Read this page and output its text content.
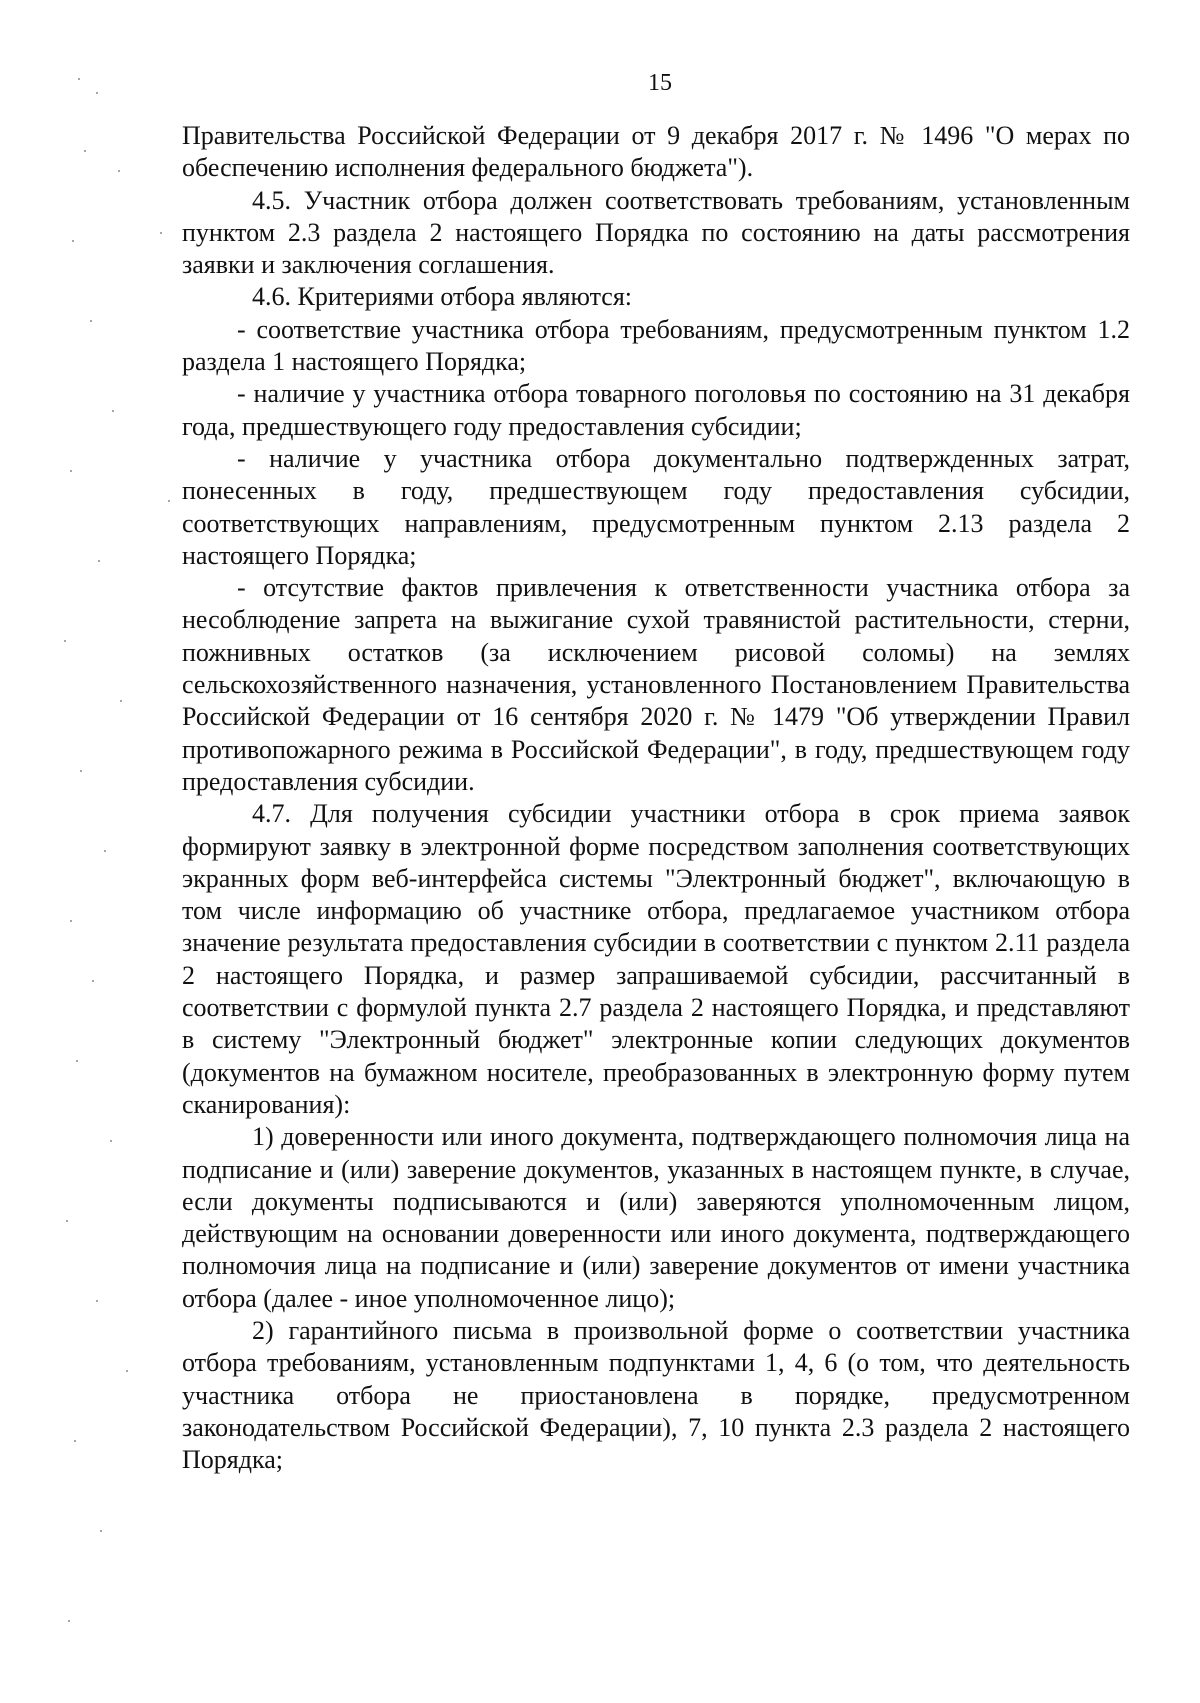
15

Правительства Российской Федерации от 9 декабря 2017 г. № 1496 "О мерах по обеспечению исполнения федерального бюджета").

4.5. Участник отбора должен соответствовать требованиям, установленным пунктом 2.3 раздела 2 настоящего Порядка по состоянию на даты рассмотрения заявки и заключения соглашения.

4.6. Критериями отбора являются:

- соответствие участника отбора требованиям, предусмотренным пунктом 1.2 раздела 1 настоящего Порядка;

- наличие у участника отбора товарного поголовья по состоянию на 31 декабря года, предшествующего году предоставления субсидии;

- наличие у участника отбора документально подтвержденных затрат, понесенных в году, предшествующем году предоставления субсидии, соответствующих направлениям, предусмотренным пунктом 2.13 раздела 2 настоящего Порядка;

- отсутствие фактов привлечения к ответственности участника отбора за несоблюдение запрета на выжигание сухой травянистой растительности, стерни, пожнивных остатков (за исключением рисовой соломы) на землях сельскохозяйственного назначения, установленного Постановлением Правительства Российской Федерации от 16 сентября 2020 г. № 1479 "Об утверждении Правил противопожарного режима в Российской Федерации", в году, предшествующем году предоставления субсидии.

4.7. Для получения субсидии участники отбора в срок приема заявок формируют заявку в электронной форме посредством заполнения соответствующих экранных форм веб-интерфейса системы "Электронный бюджет", включающую в том числе информацию об участнике отбора, предлагаемое участником отбора значение результата предоставления субсидии в соответствии с пунктом 2.11 раздела 2 настоящего Порядка, и размер запрашиваемой субсидии, рассчитанный в соответствии с формулой пункта 2.7 раздела 2 настоящего Порядка, и представляют в систему "Электронный бюджет" электронные копии следующих документов (документов на бумажном носителе, преобразованных в электронную форму путем сканирования):

1) доверенности или иного документа, подтверждающего полномочия лица на подписание и (или) заверение документов, указанных в настоящем пункте, в случае, если документы подписываются и (или) заверяются уполномоченным лицом, действующим на основании доверенности или иного документа, подтверждающего полномочия лица на подписание и (или) заверение документов от имени участника отбора (далее - иное уполномоченное лицо);

2) гарантийного письма в произвольной форме о соответствии участника отбора требованиям, установленным подпунктами 1, 4, 6 (о том, что деятельность участника отбора не приостановлена в порядке, предусмотренном законодательством Российской Федерации), 7, 10 пункта 2.3 раздела 2 настоящего Порядка;
